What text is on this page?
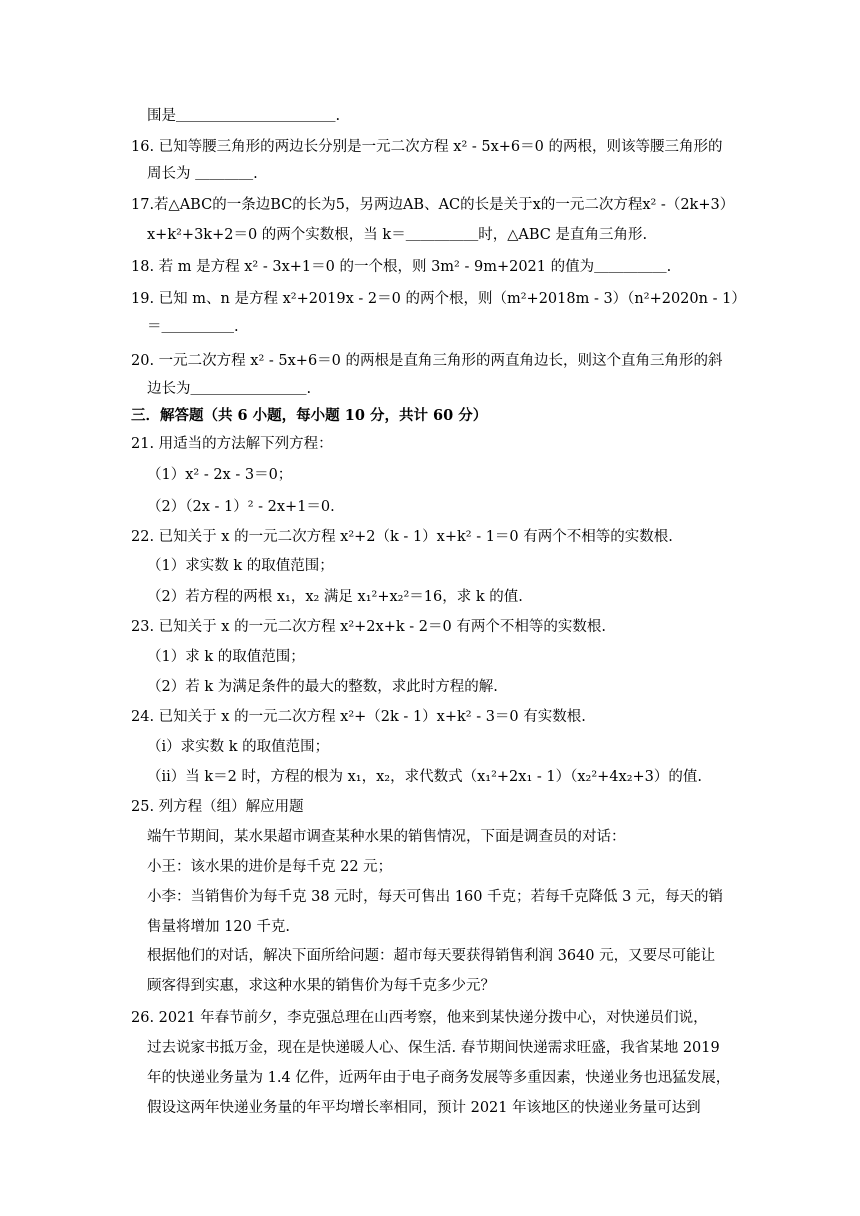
围是＿＿＿＿＿＿＿＿＿＿＿.
16. 已知等腰三角形的两边长分别是一元二次方程 x² - 5x+6＝0 的两根，则该等腰三角形的
周长为 ＿＿＿＿.
17.若△ABC的一条边BC的长为5，另两边AB、AC的长是关于x的一元二次方程x² -（2k+3）
x+k²+3k+2＝0 的两个实数根，当 k＝＿＿＿＿＿时，△ABC 是直角三角形.
18. 若 m 是方程 x² - 3x+1＝0 的一个根，则 3m² - 9m+2021 的值为＿＿＿＿＿.
19. 已知 m、n 是方程 x²+2019x - 2＝0 的两个根，则（m²+2018m - 3）（n²+2020n - 1）
＝＿＿＿＿＿.
20. 一元二次方程 x² - 5x+6＝0 的两根是直角三角形的两直角边长，则这个直角三角形的斜
边长为＿＿＿＿＿＿＿＿.
三．解答题（共 6 小题，每小题 10 分，共计 60 分）
21. 用适当的方法解下列方程：
（1）x² - 2x - 3＝0；
（2）（2x - 1）² - 2x+1＝0.
22. 已知关于 x 的一元二次方程 x²+2（k - 1）x+k² - 1＝0 有两个不相等的实数根.
（1）求实数 k 的取值范围；
（2）若方程的两根 x₁，x₂ 满足 x₁²+x₂²＝16，求 k 的值.
23. 已知关于 x 的一元二次方程 x²+2x+k - 2＝0 有两个不相等的实数根.
（1）求 k 的取值范围；
（2）若 k 为满足条件的最大的整数，求此时方程的解.
24. 已知关于 x 的一元二次方程 x²+（2k - 1）x+k² - 3＝0 有实数根.
（ⅰ）求实数 k 的取值范围；
（ⅱ）当 k＝2 时，方程的根为 x₁，x₂，求代数式（x₁²+2x₁ - 1）（x₂²+4x₂+3）的值.
25. 列方程（组）解应用题
端午节期间，某水果超市调查某种水果的销售情况，下面是调查员的对话：
小王：该水果的进价是每千克 22 元；
小李：当销售价为每千克 38 元时，每天可售出 160 千克；若每千克降低 3 元，每天的销
售量将增加 120 千克.
根据他们的对话，解决下面所给问题：超市每天要获得销售利润 3640 元，又要尽可能让
顾客得到实惠，求这种水果的销售价为每千克多少元？
26. 2021 年春节前夕，李克强总理在山西考察，他来到某快递分拨中心，对快递员们说，
过去说家书抵万金，现在是快递暖人心、保生活. 春节期间快递需求旺盛，我省某地 2019
年的快递业务量为 1.4 亿件，近两年由于电子商务发展等多重因素，快递业务也迅猛发展，
假设这两年快递业务量的年平均增长率相同，预计 2021 年该地区的快递业务量可达到
